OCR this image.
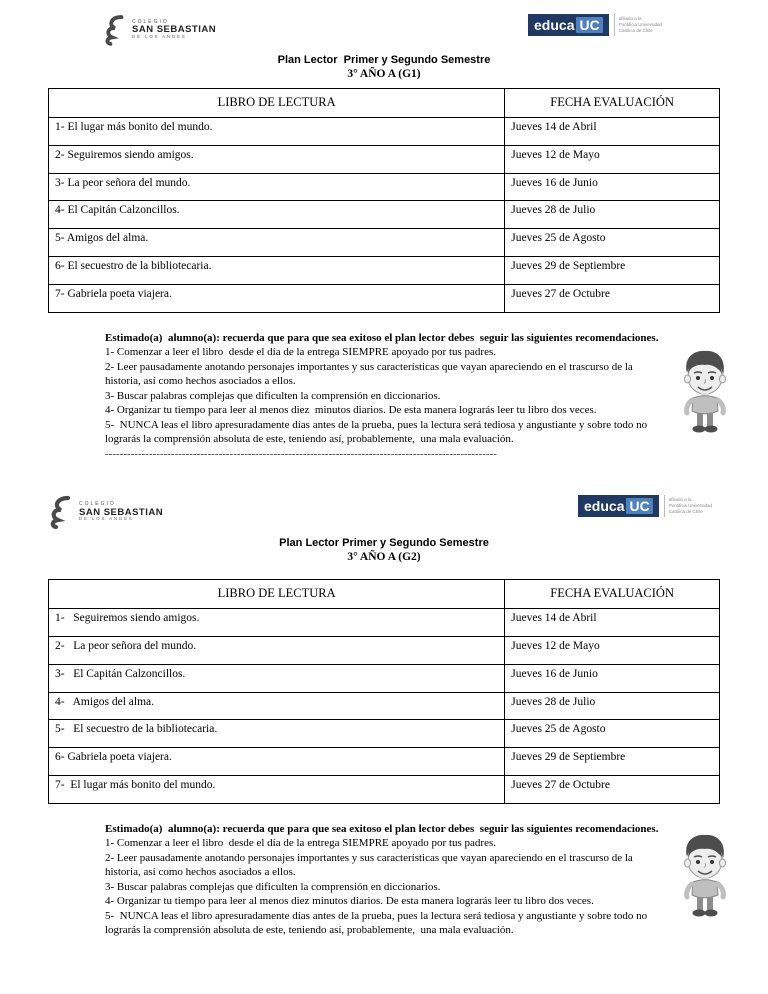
COLEGIO
SAN SEBASTIAN
DE LOS ANDES
educa UC	afiliado a la
Pontificia Universidad
Católica de Chile
Plan Lector  Primer y Segundo Semestre
3° AÑO A (G1)
LIBRO DE LECTURA	FECHA EVALUACIÓN
1- El lugar más bonito del mundo.	Jueves 14 de Abril
2- Seguiremos siendo amigos.	Jueves 12 de Mayo
3- La peor señora del mundo.	Jueves 16 de Junio
4- El Capitán Calzoncillos.	Jueves 28 de Julio
5- Amigos del alma.	Jueves 25 de Agosto
6- El secuestro de la bibliotecaria.	Jueves 29 de Septiembre
7- Gabriela poeta viajera.	Jueves 27 de Octubre
Estimado(a)  alumno(a): recuerda que para que sea exitoso el plan lector debes  seguir las siguientes recomendaciones.
1- Comenzar a leer el libro  desde el día de la entrega SIEMPRE apoyado por tus padres.
2- Leer pausadamente anotando personajes importantes y sus características que vayan apareciendo en el trascurso de la historia, así como hechos asociados a ellos.
3- Buscar palabras complejas que dificulten la comprensión en diccionarios.
4- Organizar tu tiempo para leer al menos diez  minutos diarios. De esta manera lograrás leer tu libro dos veces.
5-  NUNCA leas el libro apresuradamente días antes de la prueba, pues la lectura será tediosa y angustiante y sobre todo no lograrás la comprensión absoluta de este, teniendo así, probablemente,  una mala evaluación.
-----------------------------------------------------------------------------------------------------------
COLEGIO
SAN SEBASTIAN
DE LOS ANDES
educa UC	afiliado a la
Pontificia Universidad
Católica de Chile
Plan Lector Primer y Segundo Semestre
3° AÑO A (G2)
LIBRO DE LECTURA	FECHA EVALUACIÓN
1-   Seguiremos siendo amigos.	Jueves 14 de Abril
2-   La peor señora del mundo.	Jueves 12 de Mayo
3-   El Capitán Calzoncillos.	Jueves 16 de Junio
4-   Amigos del alma.	Jueves 28 de Julio
5-   El secuestro de la bibliotecaria.	Jueves 25 de Agosto
6- Gabriela poeta viajera.	Jueves 29 de Septiembre
7-  El lugar más bonito del mundo.	Jueves 27 de Octubre
Estimado(a)  alumno(a): recuerda que para que sea exitoso el plan lector debes  seguir las siguientes recomendaciones.
1- Comenzar a leer el libro  desde el día de la entrega SIEMPRE apoyado por tus padres.
2- Leer pausadamente anotando personajes importantes y sus características que vayan apareciendo en el trascurso de la historia, así como hechos asociados a ellos.
3- Buscar palabras complejas que dificulten la comprensión en diccionarios.
4- Organizar tu tiempo para leer al menos diez minutos diarios. De esta manera lograrás leer tu libro dos veces.
5-  NUNCA leas el libro apresuradamente días antes de la prueba, pues la lectura será tediosa y angustiante y sobre todo no lograrás la comprensión absoluta de este, teniendo así, probablemente,  una mala evaluación.
